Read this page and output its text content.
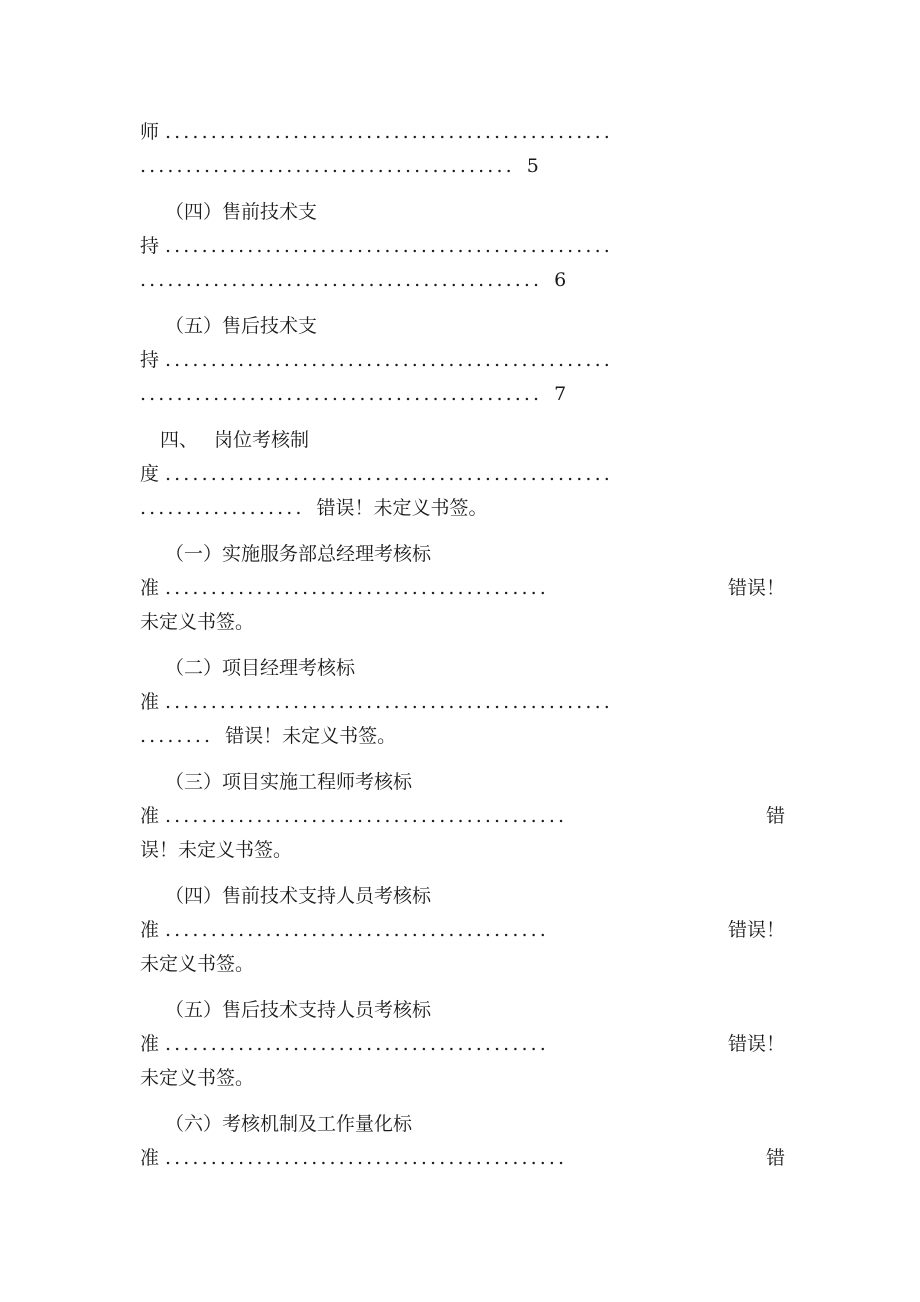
师 .................................................
......................................... 5
（四）售前技术支
持 .................................................
............................................ 6
（五）售后技术支
持 .................................................
............................................ 7
四、 岗位考核制
度 .................................................
.................. 错误！未定义书签。
（一）实施服务部总经理考核标
准 ..........................................	错误！
未定义书签。
（二）项目经理考核标
准 .................................................
........ 错误！未定义书签。
（三）项目实施工程师考核标
准 ............................................	错
误！未定义书签。
（四）售前技术支持人员考核标
准 ..........................................	错误！
未定义书签。
（五）售后技术支持人员考核标
准 ..........................................	错误！
未定义书签。
（六）考核机制及工作量化标
准 ............................................	错
